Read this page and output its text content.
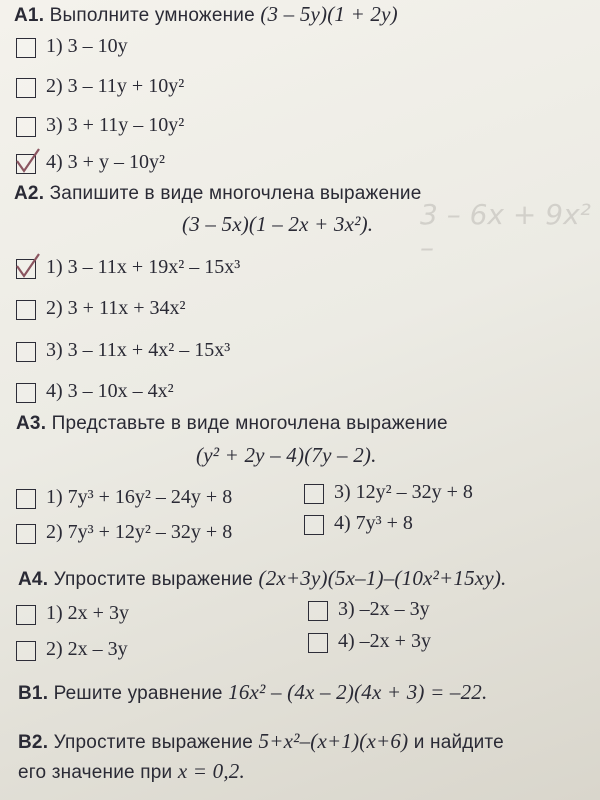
A1. Выполните умножение (3 – 5y)(1 + 2y)
1) 3 – 10y
2) 3 – 11y + 10y²
3) 3 + 11y – 10y²
4) 3 + y – 10y²
A2. Запишите в виде многочлена выражение
(3 – 5x)(1 – 2x + 3x²). 3 – 6x + 9x² –
1) 3 – 11x + 19x² – 15x³
2) 3 + 11x + 34x²
3) 3 – 11x + 4x² – 15x³
4) 3 – 10x – 4x²
A3. Представьте в виде многочлена выражение
(y² + 2y – 4)(7y – 2).
1) 7y³ + 16y² – 24y + 8	3) 12y² – 32y + 8
2) 7y³ + 12y² – 32y + 8	4) 7y³ + 8
A4. Упростите выражение (2x+3y)(5x–1)–(10x²+15xy).
1) 2x + 3y	3) –2x – 3y
2) 2x – 3y	4) –2x + 3y
B1. Решите уравнение 16x² – (4x – 2)(4x + 3) = –22.
B2. Упростите выражение 5+x²–(x+1)(x+6) и найдите
его значение при x = 0,2.
